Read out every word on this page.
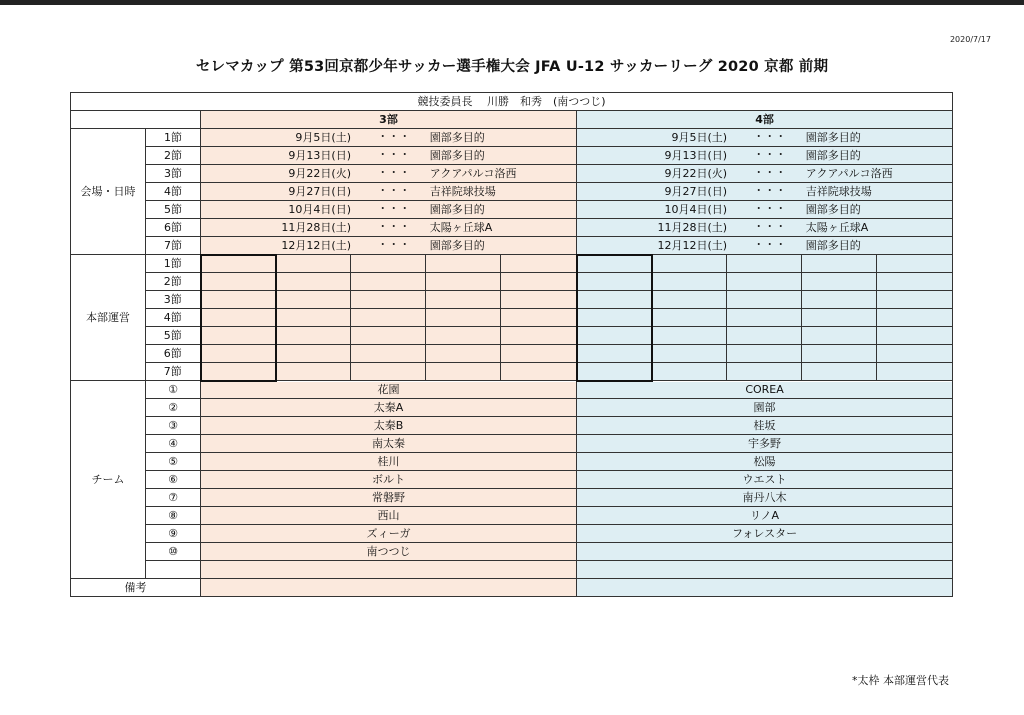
2020/7/17
セレマカップ 第53回京都少年サッカー選手権大会 JFA U-12 サッカーリーグ 2020 京都 前期
競技委員長　 川勝　和秀　(南つつじ)											
		3部					4部				
会場・日時	1節	9月5日(土) ・・・ 園部多目的					9月5日(土) ・・・ 園部多目的				

	2節	9月13日(日) ・・・ 園部多目的					9月13日(日) ・・・ 園部多目的				

	3節	9月22日(火) ・・・ アクアパルコ洛西					9月22日(火) ・・・ アクアパルコ洛西				

	4節	9月27日(日) ・・・ 吉祥院球技場					9月27日(日) ・・・ 吉祥院球技場				

	5節	10月4日(日) ・・・ 園部多目的					10月4日(日) ・・・ 園部多目的				

	6節	11月28日(土) ・・・ 太陽ヶ丘球A					11月28日(土) ・・・ 太陽ヶ丘球A				

	7節	12月12日(土) ・・・ 園部多目的					12月12日(土) ・・・ 園部多目的				

本部運営	1節										
	2節										
	3節										
	4節										
	5節										
	6節										
	7節										
チーム	①	花園					COREA				
	②	太秦A					園部				
	③	太秦B					桂坂				
	④	南太秦					宇多野				
	⑤	桂川					松陽				
	⑥	ボルト					ウエスト				
	⑦	常磐野					南丹八木				
	⑧	西山					リノA				
	⑨	ズィーガ					フォレスター				
	⑩	南つつじ									

備考											
*太枠 本部運営代表
